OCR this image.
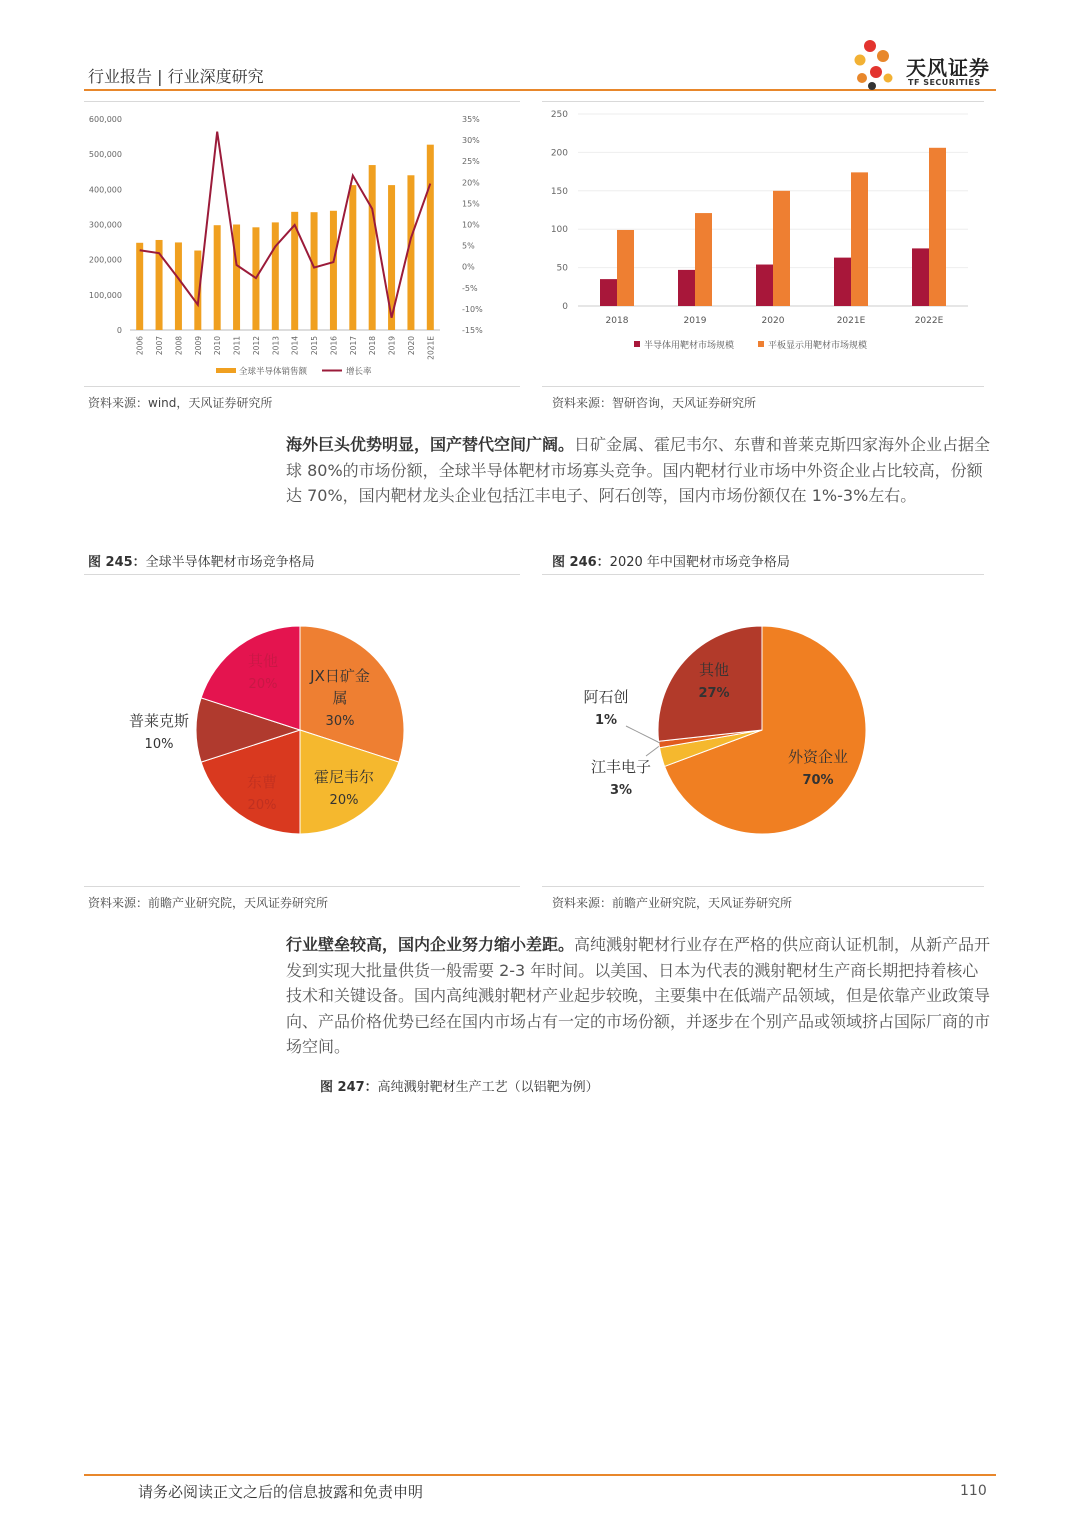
行业报告 | 行业深度研究	天风证券
TF SECURITIES
0
100,000
200,000
300,000
400,000
500,000
600,000
-15%
-10%
-5%
0%
5%
10%
15%
20%
25%
30%
35%
2006 2007 2008 2009 2010 2011 2012 2013 2014 2015 2016 2017 2018 2019 2020 2021E
全球半导体销售额	增长率
资料来源：wind，天风证券研究所
0
50
100
150
200
250
2018	2019	2020	2021E	2022E
半导体用靶材市场规模	平板显示用靶材市场规模
资料来源：智研咨询，天风证券研究所
海外巨头优势明显，国产替代空间广阔。日矿金属、霍尼韦尔、东曹和普莱克斯四家海外企业占据全球 80%的市场份额，全球半导体靶材市场寡头竞争。国内靶材行业市场中外资企业占比较高，份额达 70%，国内靶材龙头企业包括江丰电子、阿石创等，国内市场份额仅在 1%-3%左右。
图 245：全球半导体靶材市场竞争格局	图 246：2020 年中国靶材市场竞争格局
JX日矿金
属
30%
霍尼韦尔
20%
东曹
20%
普莱克斯
10%
其他
20%
外资企业
70%
江丰电子
3%
阿石创
1%
其他
27%
资料来源：前瞻产业研究院，天风证券研究所	资料来源：前瞻产业研究院，天风证券研究所
行业壁垒较高，国内企业努力缩小差距。高纯溅射靶材行业存在严格的供应商认证机制，从新产品开发到实现大批量供货一般需要 2-3 年时间。以美国、日本为代表的溅射靶材生产商长期把持着核心技术和关键设备。国内高纯溅射靶材产业起步较晚，主要集中在低端产品领域，但是依靠产业政策导向、产品价格优势已经在国内市场占有一定的市场份额，并逐步在个别产品或领域挤占国际厂商的市场空间。
图 247：高纯溅射靶材生产工艺（以铝靶为例）
请务必阅读正文之后的信息披露和免责申明	110
